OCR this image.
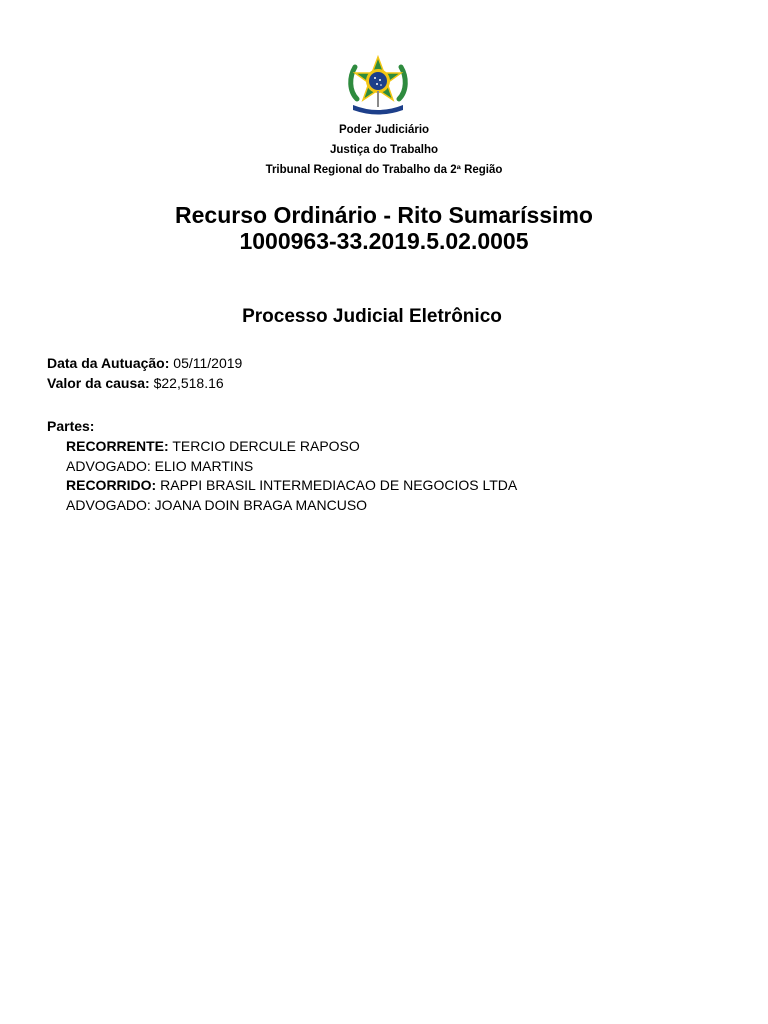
Poder Judiciário
Justiça do Trabalho
Tribunal Regional do Trabalho da 2ª Região
Recurso Ordinário - Rito Sumaríssimo
1000963-33.2019.5.02.0005
Processo Judicial Eletrônico
Data da Autuação: 05/11/2019
Valor da causa: $22,518.16
Partes:
RECORRENTE: TERCIO DERCULE RAPOSO
ADVOGADO: ELIO MARTINS
RECORRIDO: RAPPI BRASIL INTERMEDIACAO DE NEGOCIOS LTDA
ADVOGADO: JOANA DOIN BRAGA MANCUSO
